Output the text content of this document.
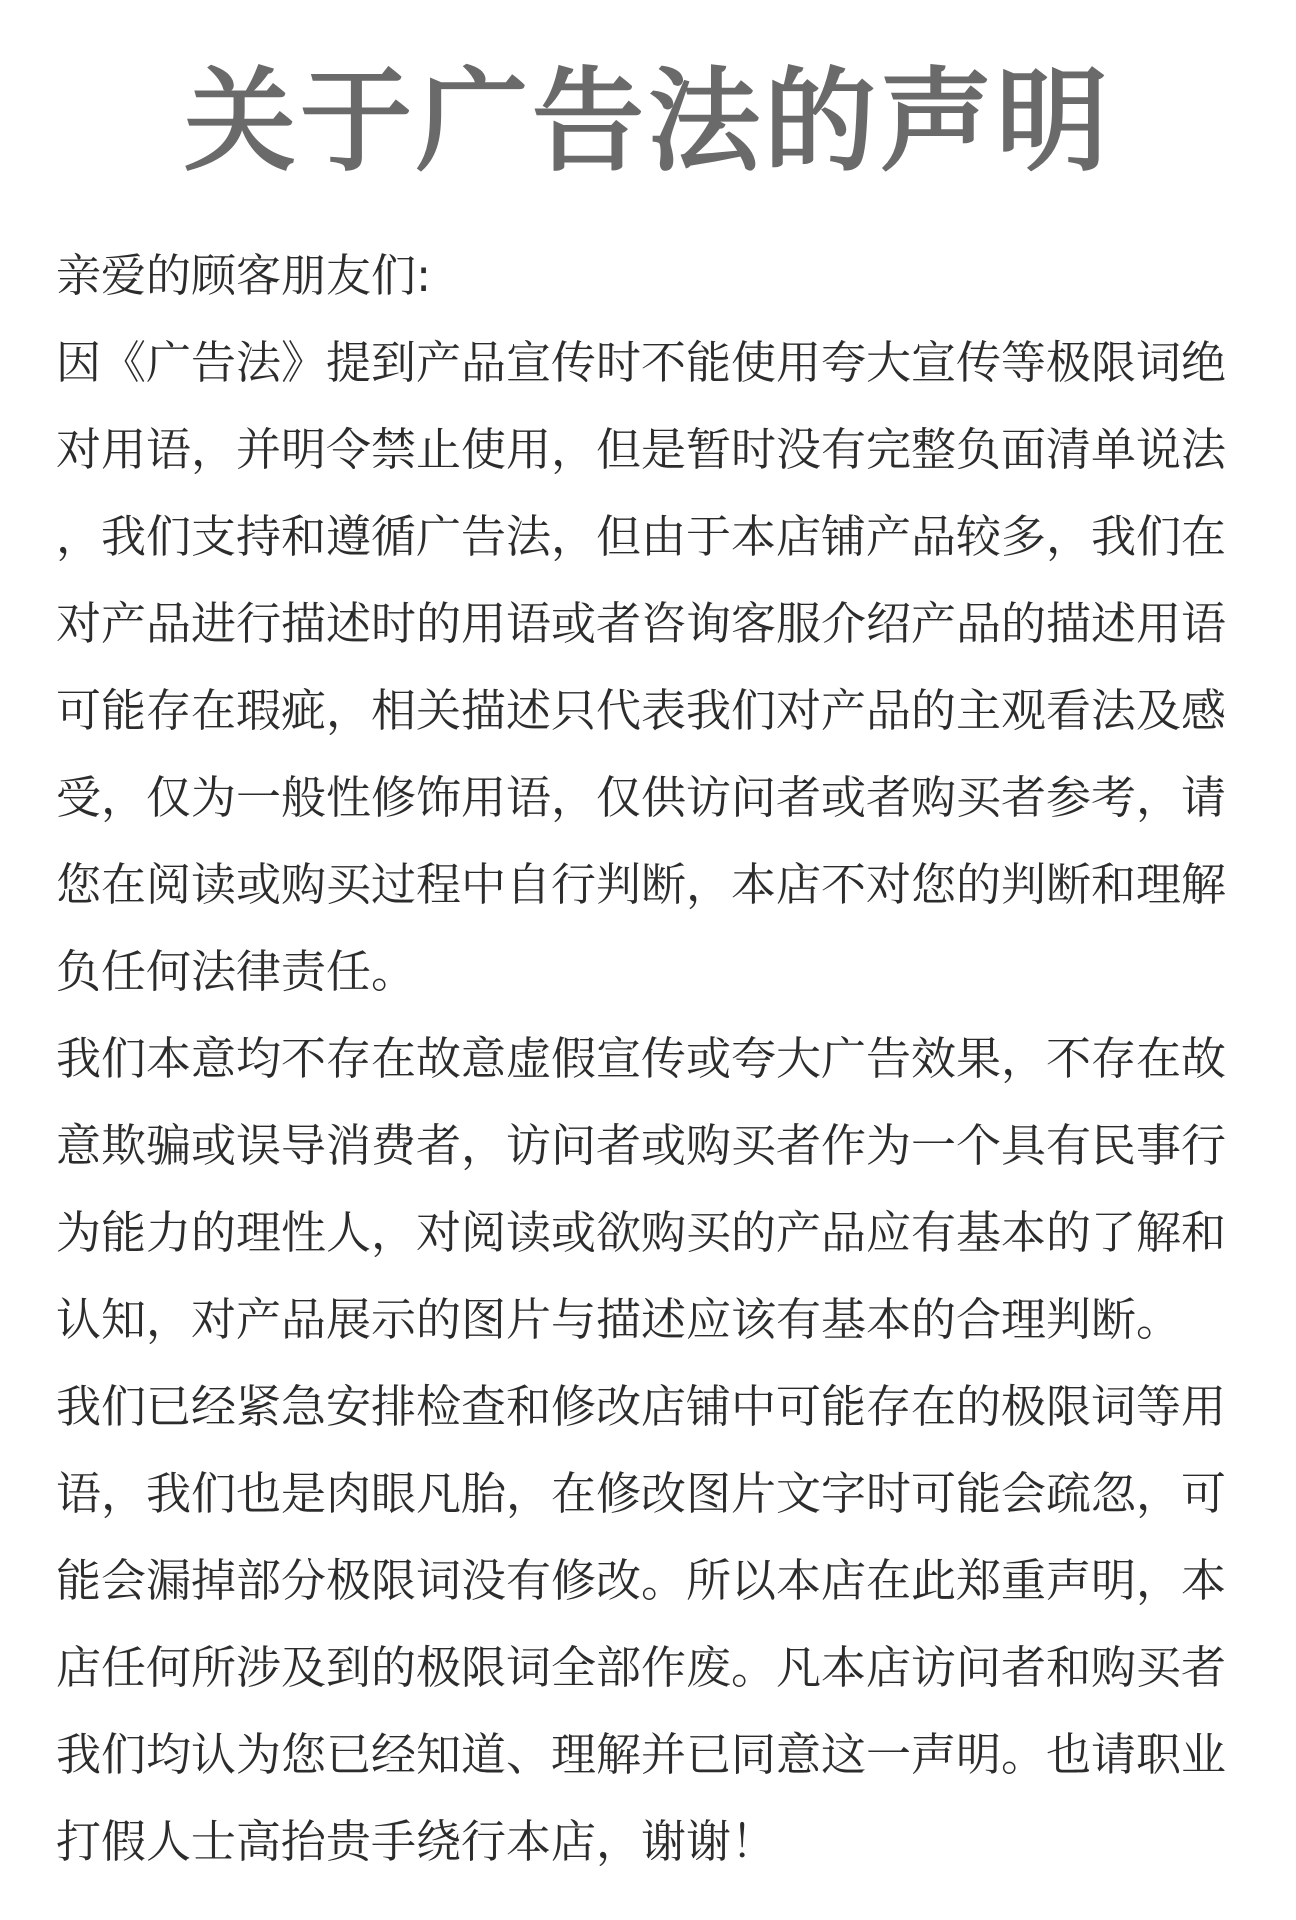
关于广告法的声明
亲爱的顾客朋友们:
因《广告法》提到产品宣传时不能使用夸大宣传等极限词绝
对用语，并明令禁止使用，但是暂时没有完整负面清单说法
，我们支持和遵循广告法，但由于本店铺产品较多，我们在
对产品进行描述时的用语或者咨询客服介绍产品的描述用语
可能存在瑕疵，相关描述只代表我们对产品的主观看法及感
受，仅为一般性修饰用语，仅供访问者或者购买者参考，请
您在阅读或购买过程中自行判断，本店不对您的判断和理解
负任何法律责任。
我们本意均不存在故意虚假宣传或夸大广告效果，不存在故
意欺骗或误导消费者，访问者或购买者作为一个具有民事行
为能力的理性人，对阅读或欲购买的产品应有基本的了解和
认知，对产品展示的图片与描述应该有基本的合理判断。
我们已经紧急安排检查和修改店铺中可能存在的极限词等用
语，我们也是肉眼凡胎，在修改图片文字时可能会疏忽，可
能会漏掉部分极限词没有修改。所以本店在此郑重声明，本
店任何所涉及到的极限词全部作废。凡本店访问者和购买者
我们均认为您已经知道、理解并已同意这一声明。也请职业
打假人士高抬贵手绕行本店，谢谢！
